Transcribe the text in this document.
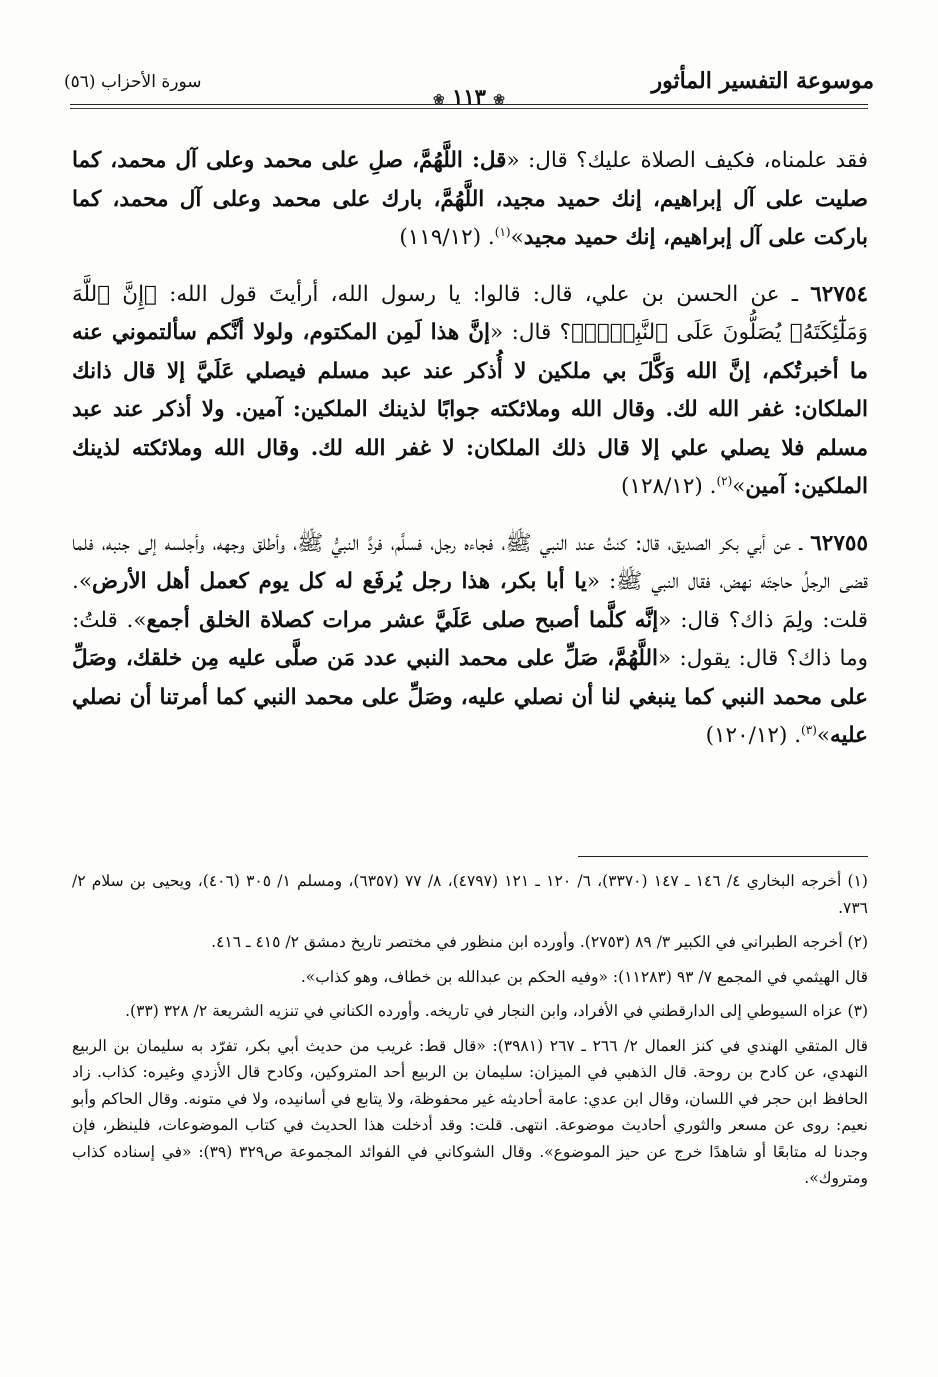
موسوعة التفسير المأثور
❀ ١١٣ ❀
سورة الأحزاب (٥٦)

فقد علمناه، فكيف الصلاة عليك؟ قال: «قل: اللَّهُمَّ، صلِ على محمد وعلى آل محمد، كما صليت على آل إبراهيم، إنك حميد مجيد، اللَّهُمَّ، بارك على محمد وعلى آل محمد، كما باركت على آل إبراهيم، إنك حميد مجيد»$^{(١)}$. (١١٩/١٢)

٦٢٧٥٤ ـ عن الحسن بن علي، قال: قالوا: يا رسول الله، أرأيتَ قول الله: ﴿إِنَّ ٱللَّهَ وَمَلَٰٓئِكَتَهُۥ يُصَلُّونَ عَلَى ٱلنَّبِيِّۚ﴾؟ قال: «إنَّ هذا لَمِن المكتوم، ولولا أنَّكم سألتموني عنه ما أخبرتُكم، إنَّ الله وَكَّلَ بي ملكين لا أُذكر عند عبد مسلم فيصلي عَلَيَّ إلا قال ذانك الملكان: غفر الله لك. وقال الله وملائكته جوابًا لذينك الملكين: آمين. ولا أذكر عند عبد مسلم فلا يصلي علي إلا قال ذلك الملكان: لا غفر الله لك. وقال الله وملائكته لذينك الملكين: آمين»$^{(٢)}$. (١٢٨/١٢)

٦٢٧٥٥ ـ عن أبي بكر الصديق، قال: كنتُ عند النبي ﷺ، فجاءه رجل، فسلَّم، فردَّ النبيُّ ﷺ، وأطلق وجهه، وأجلسه إلى جنبه، فلما قضى الرجلُ حاجتَه نهض، فقال النبي ﷺ: «يا أبا بكر، هذا رجل يُرفَع له كل يوم كعمل أهل الأرض». قلت: ولِمَ ذاك؟ قال: «إنَّه كلَّما أصبح صلى عَلَيَّ عشر مرات كصلاة الخلق أجمع». قلتُ: وما ذاك؟ قال: يقول: «اللَّهُمَّ، صَلِّ على محمد النبي عدد مَن صلَّى عليه مِن خلقك، وصَلِّ على محمد النبي كما ينبغي لنا أن نصلي عليه، وصَلِّ على محمد النبي كما أمرتنا أن نصلي عليه»$^{(٣)}$. (١٢٠/١٢)

(١) أخرجه البخاري ٤/ ١٤٦ ـ ١٤٧ (٣٣٧٠)، ٦/ ١٢٠ ـ ١٢١ (٤٧٩٧)، ٨/ ٧٧ (٦٣٥٧)، ومسلم ١/ ٣٠٥ (٤٠٦)، ويحيى بن سلام ٢/ ٧٣٦.

(٢) أخرجه الطبراني في الكبير ٣/ ٨٩ (٢٧٥٣). وأورده ابن منظور في مختصر تاريخ دمشق ٢/ ٤١٥ ـ ٤١٦.

قال الهيثمي في المجمع ٧/ ٩٣ (١١٢٨٣): «وفيه الحكم بن عبدالله بن خطاف، وهو كذاب».

(٣) عزاه السيوطي إلى الدارقطني في الأفراد، وابن النجار في تاريخه. وأورده الكناني في تنزيه الشريعة ٢/ ٣٢٨ (٣٣).

قال المتقي الهندي في كنز العمال ٢/ ٢٦٦ ـ ٢٦٧ (٣٩٨١): «قال قط: غريب من حديث أبي بكر، تفرّد به سليمان بن الربيع النهدي، عن كادح بن روحة. قال الذهبي في الميزان: سليمان بن الربيع أحد المتروكين، وكادح قال الأزدي وغيره: كذاب. زاد الحافظ ابن حجر في اللسان، وقال ابن عدي: عامة أحاديثه غير محفوظة، ولا يتابع في أسانيده، ولا في متونه. وقال الحاكم وأبو نعيم: روى عن مسعر والثوري أحاديث موضوعة. انتهى. قلت: وقد أدخلت هذا الحديث في كتاب الموضوعات، فلينظر، فإن وجدنا له متابعًا أو شاهدًا خرج عن حيز الموضوع». وقال الشوكاني في الفوائد المجموعة ص٣٢٩ (٣٩): «في إسناده كذاب ومتروك».
